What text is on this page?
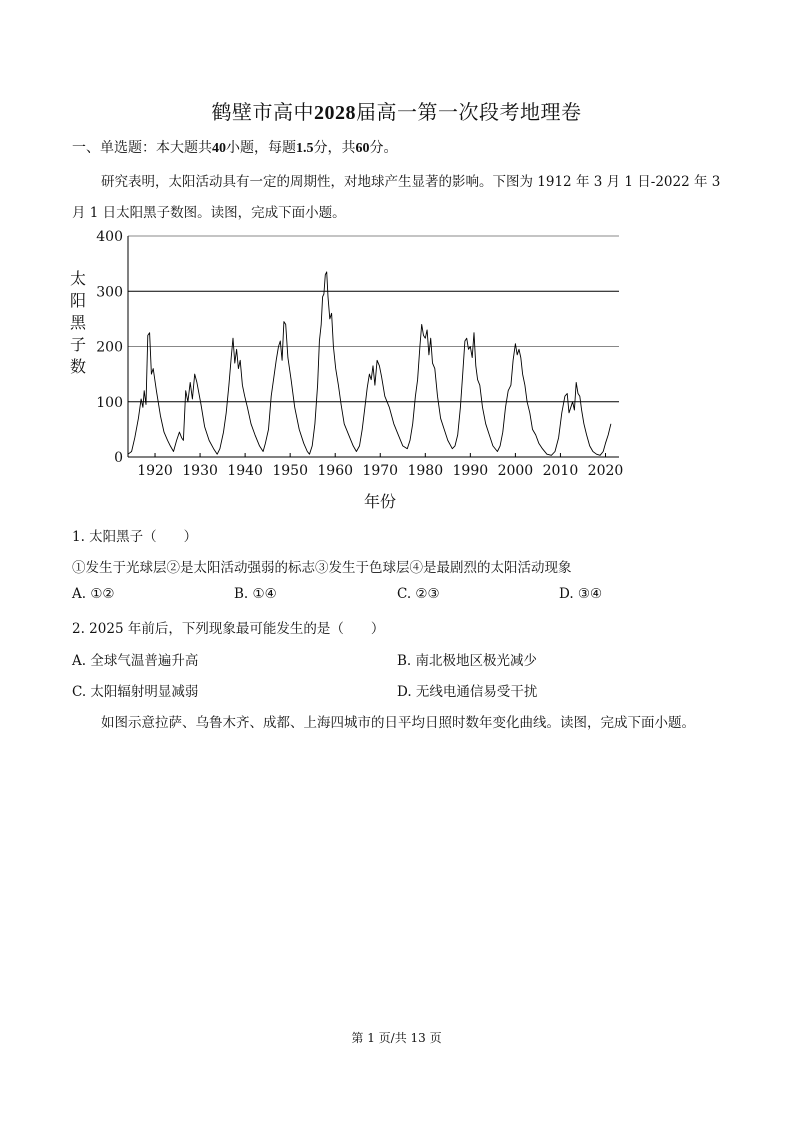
鹤壁市高中2028届高一第一次段考地理卷
一、单选题：本大题共40小题，每题1.5分，共60分。
研究表明，太阳活动具有一定的周期性，对地球产生显著的影响。下图为 1912 年 3 月 1 日-2022 年 3
月 1 日太阳黑子数图。读图，完成下面小题。
0
100
200
300
400
1920 1930 1940 1950 1960 1970 1980 1990 2000 2010 2020
太阳黑子数
年份
1. 太阳黑子（　　）
①发生于光球层②是太阳活动强弱的标志③发生于色球层④是最剧烈的太阳活动现象
A. ①②	B. ①④	C. ②③	D. ③④
2. 2025 年前后，下列现象最可能发生的是（　　）
A. 全球气温普遍升高	B. 南北极地区极光减少
C. 太阳辐射明显减弱	D. 无线电通信易受干扰
如图示意拉萨、乌鲁木齐、成都、上海四城市的日平均日照时数年变化曲线。读图，完成下面小题。
第 1 页/共 13 页
